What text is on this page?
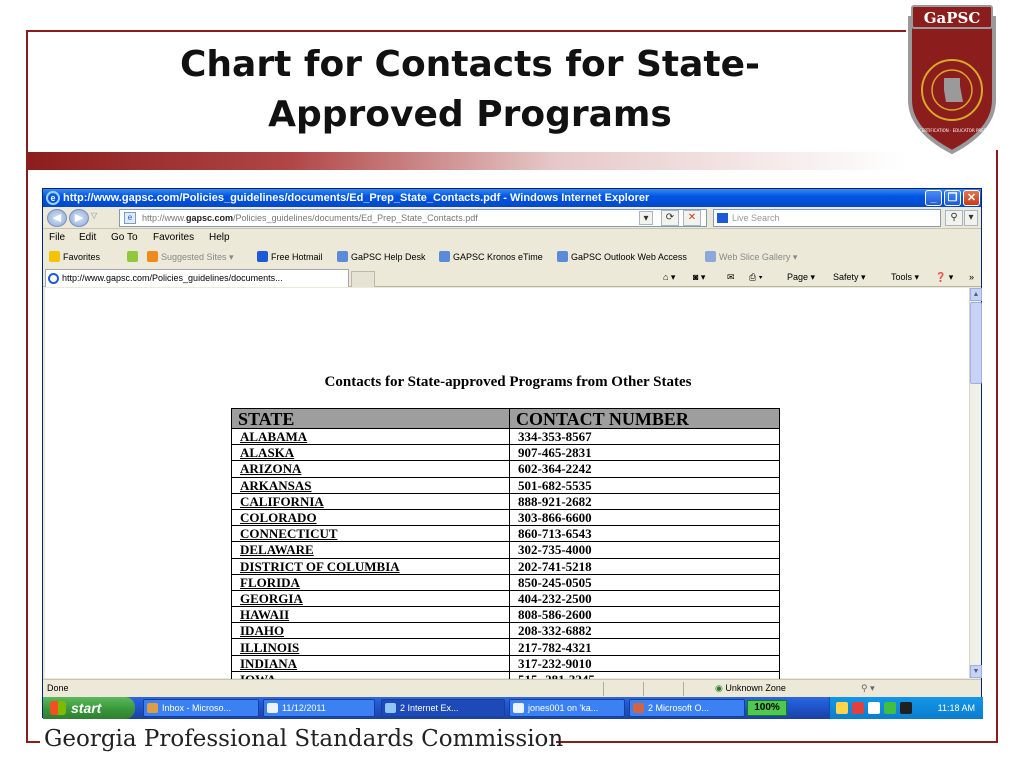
Chart for Contacts for State-Approved Programs
GaPSC
ETHICS · CERTIFICATION · EDUCATOR PREPARATION
Georgia Professional Standards Commission
e http://www.gapsc.com/Policies_guidelines/documents/Ed_Prep_State_Contacts.pdf - Windows Internet Explorer	_	❐ ✕
◀	▶ ▽	e	http://www.gapsc.com/Policies_guidelines/documents/Ed_Prep_State_Contacts.pdf	▾	⟳	✕	Live Search	⚲	▾
File Edit Go To Favorites Help
Favorites	Suggested Sites ▾	Free Hotmail	GaPSC Help Desk	GAPSC Kronos eTime	GaPSC Outlook Web Access	Web Slice Gallery ▾
http://www.gapsc.com/Policies_guidelines/documents...	⌂ ▾ ◙ ▾ ✉ ⎙ ▾	Page ▾ Safety ▾	Tools ▾ ❓ ▾ »
Contacts for State-approved Programs from Other States
STATE	CONTACT NUMBER
ALABAMA	334-353-8567
ALASKA	907-465-2831
ARIZONA	602-364-2242
ARKANSAS	501-682-5535
CALIFORNIA	888-921-2682
COLORADO	303-866-6600
CONNECTICUT	860-713-6543
DELAWARE	302-735-4000
DISTRICT OF COLUMBIA	202-741-5218
FLORIDA	850-245-0505
GEORGIA	404-232-2500
HAWAII	808-586-2600
IDAHO	208-332-6882
ILLINOIS	217-782-4321
INDIANA	317-232-9010

▲
▼
Done	◉ Unknown Zone	⚲ ▾
start	Inbox - Microso...	11/12/2011	2 Internet Ex...	jones001 on 'ka...	2 Microsoft O...	100%	11:18 AM
